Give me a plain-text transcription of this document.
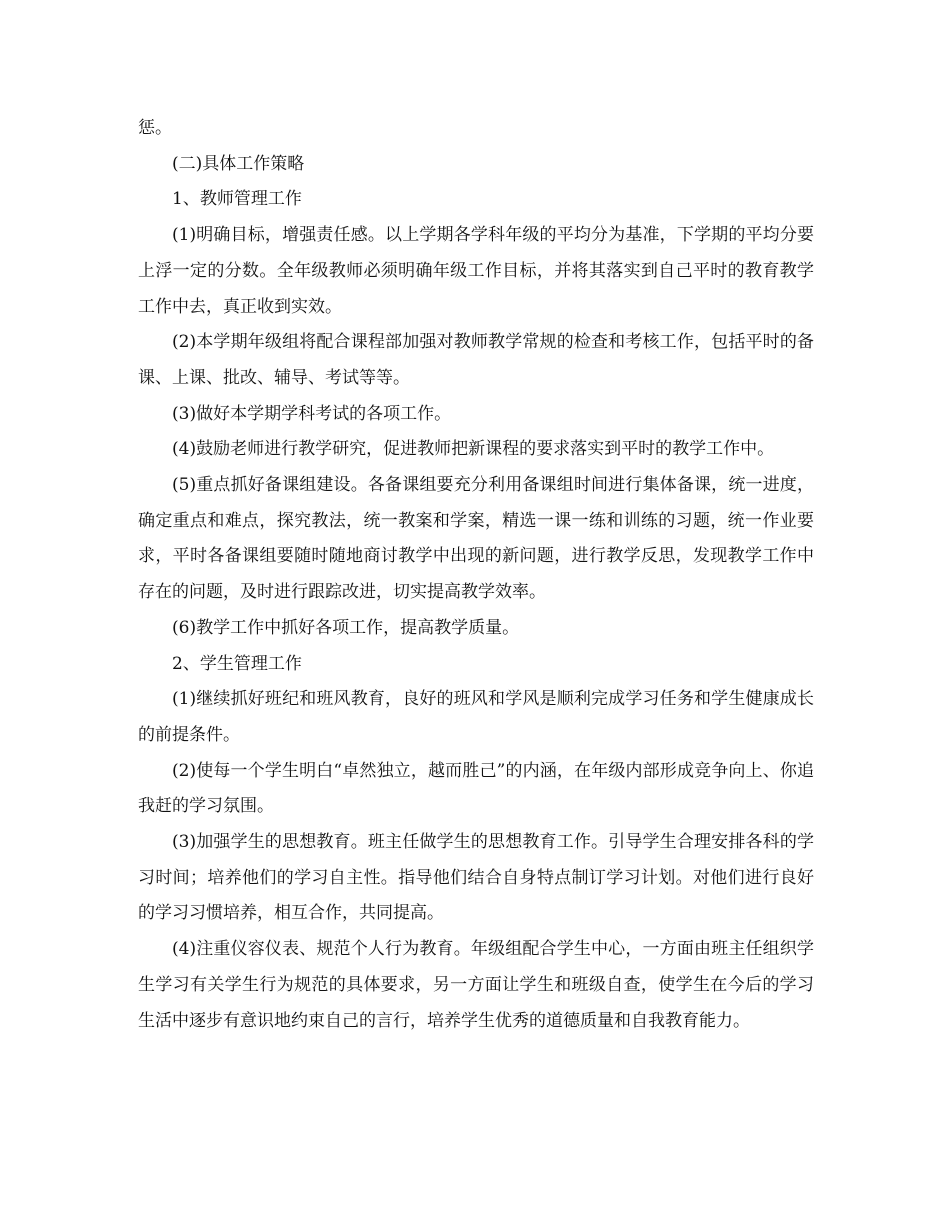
惩。

(二)具体工作策略

1、教师管理工作

(1)明确目标，增强责任感。以上学期各学科年级的平均分为基准，下学期的平均分要上浮一定的分数。全年级教师必须明确年级工作目标，并将其落实到自己平时的教育教学工作中去，真正收到实效。

(2)本学期年级组将配合课程部加强对教师教学常规的检查和考核工作，包括平时的备课、上课、批改、辅导、考试等等。

(3)做好本学期学科考试的各项工作。

(4)鼓励老师进行教学研究，促进教师把新课程的要求落实到平时的教学工作中。

(5)重点抓好备课组建设。各备课组要充分利用备课组时间进行集体备课，统一进度，确定重点和难点，探究教法，统一教案和学案，精选一课一练和训练的习题，统一作业要求，平时各备课组要随时随地商讨教学中出现的新问题，进行教学反思，发现教学工作中存在的问题，及时进行跟踪改进，切实提高教学效率。

(6)教学工作中抓好各项工作，提高教学质量。

2、学生管理工作

(1)继续抓好班纪和班风教育，良好的班风和学风是顺利完成学习任务和学生健康成长的前提条件。

(2)使每一个学生明白“卓然独立，越而胜己”的内涵，在年级内部形成竞争向上、你追我赶的学习氛围。

(3)加强学生的思想教育。班主任做学生的思想教育工作。引导学生合理安排各科的学习时间；培养他们的学习自主性。指导他们结合自身特点制订学习计划。对他们进行良好的学习习惯培养，相互合作，共同提高。

(4)注重仪容仪表、规范个人行为教育。年级组配合学生中心，一方面由班主任组织学生学习有关学生行为规范的具体要求，另一方面让学生和班级自查，使学生在今后的学习生活中逐步有意识地约束自己的言行，培养学生优秀的道德质量和自我教育能力。
